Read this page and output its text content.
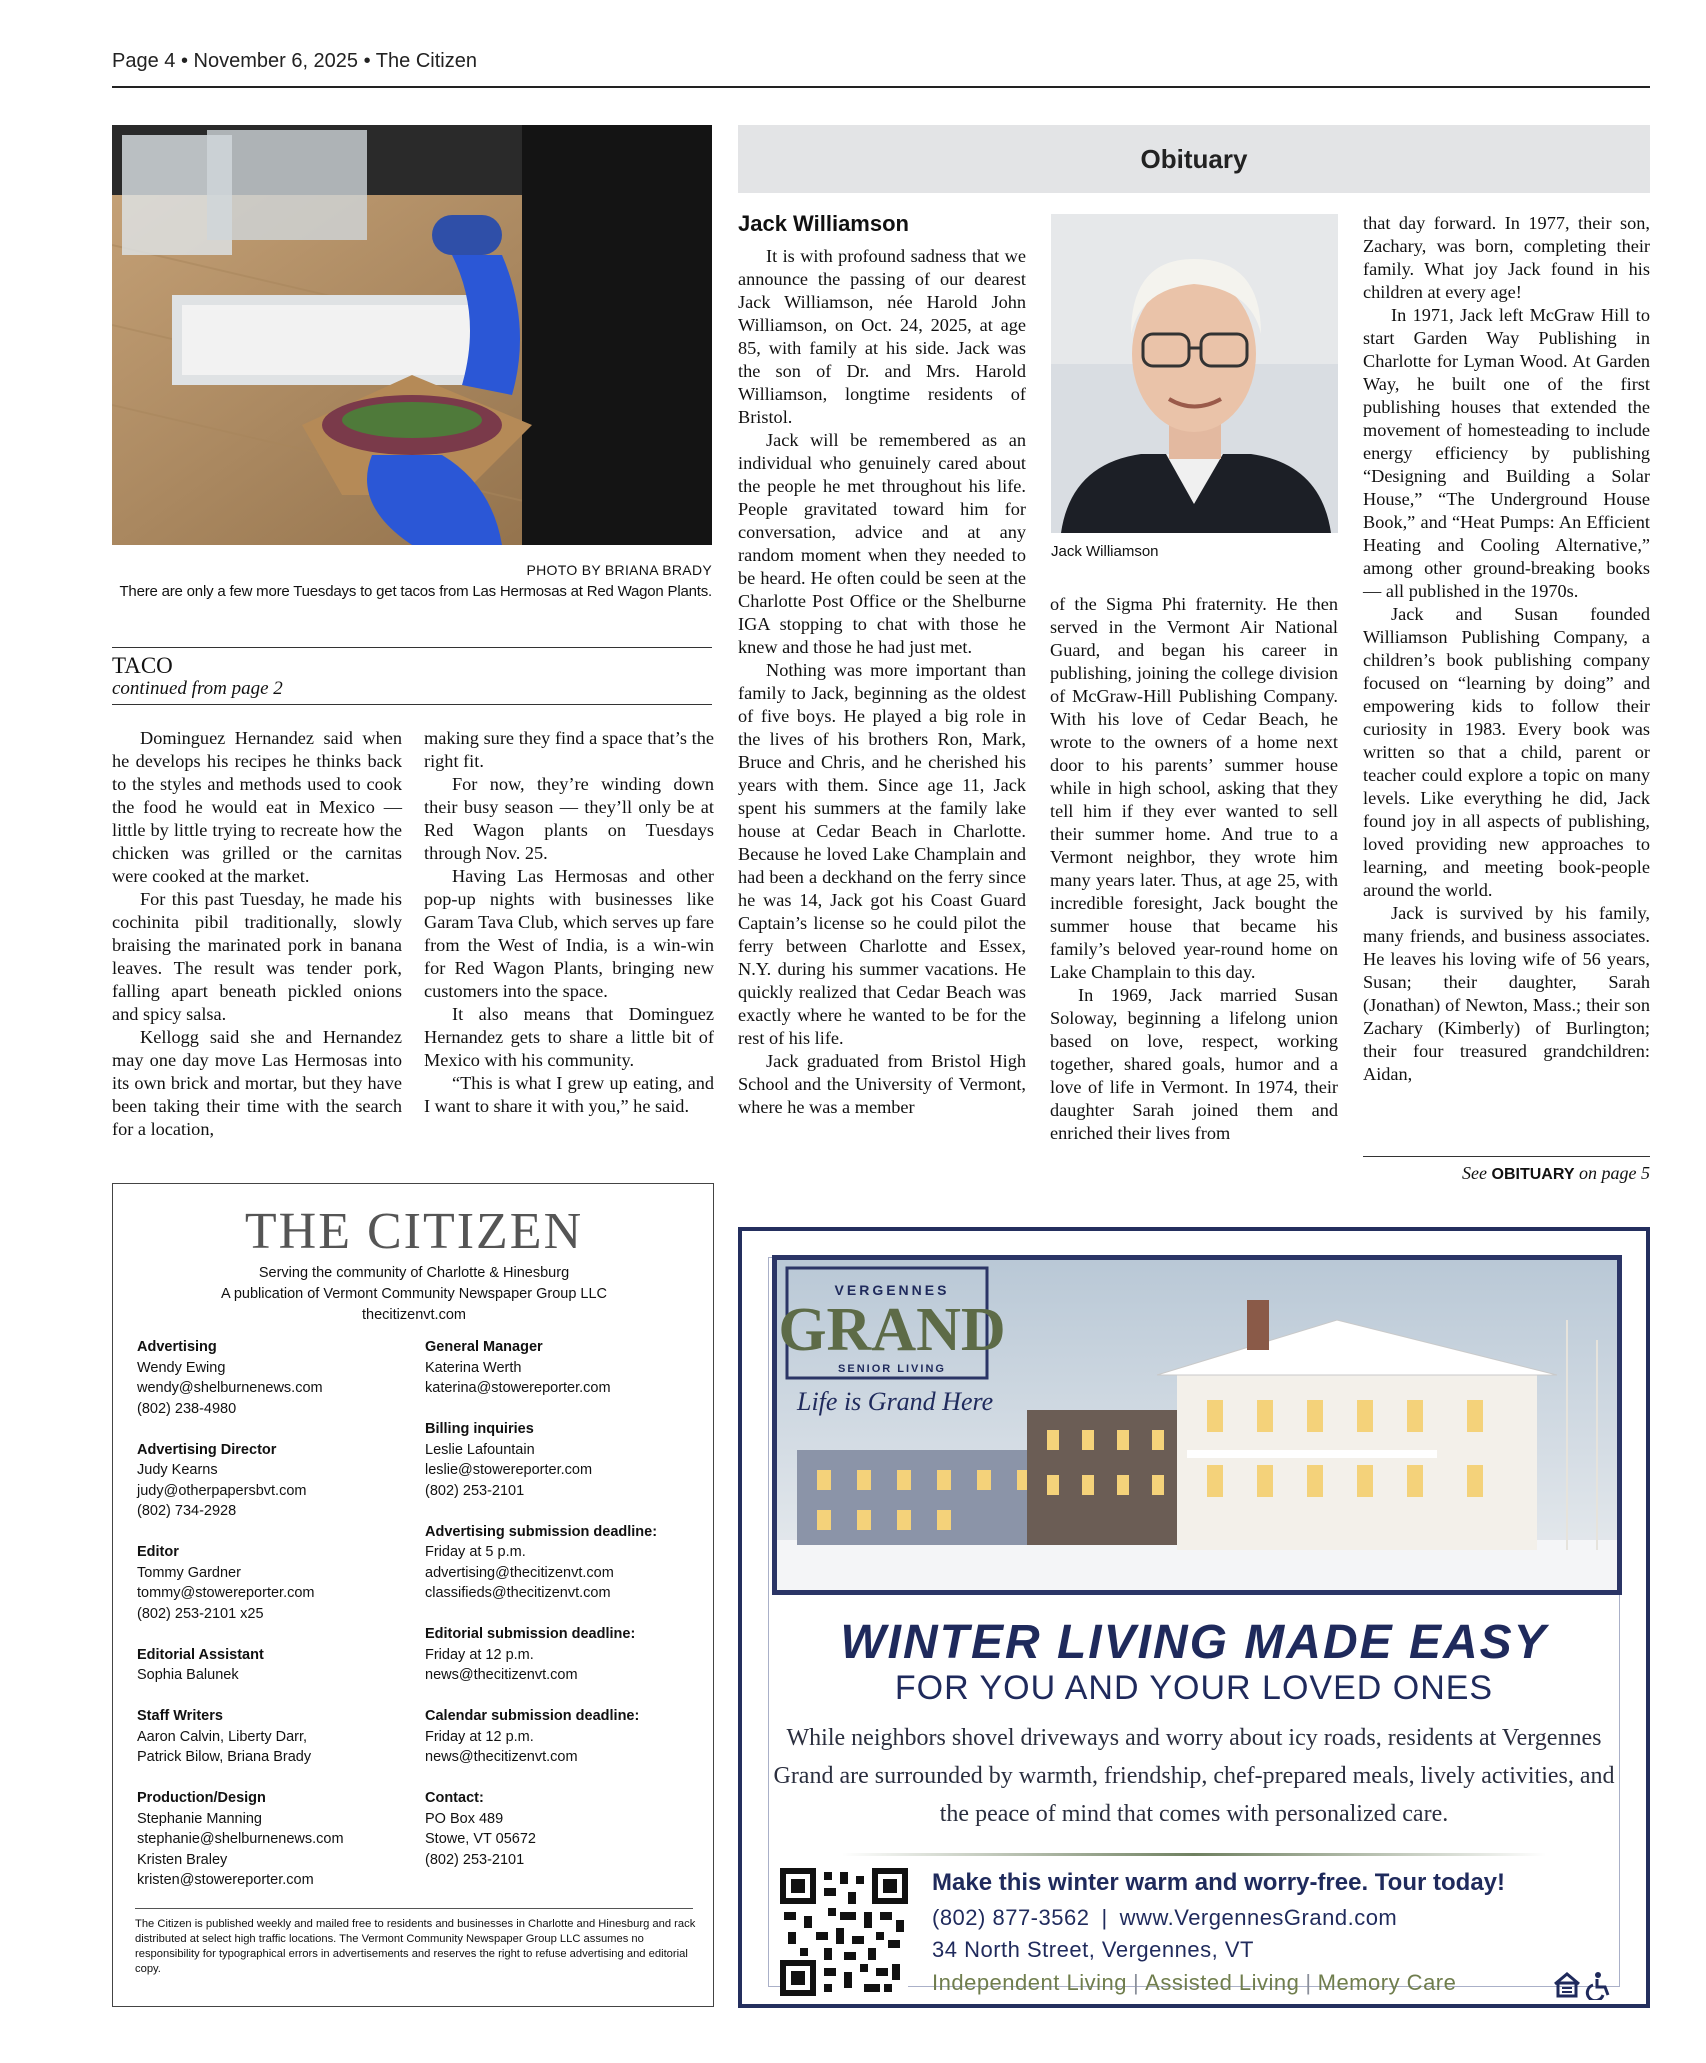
Page 4 • November 6, 2025 • The Citizen
PHOTO BY BRIANA BRADY
There are only a few more Tuesdays to get tacos from Las Hermosas at Red Wagon Plants.
TACO
continued from page 2

Dominguez Hernandez said when he develops his recipes he thinks back to the styles and methods used to cook the food he would eat in Mexico — little by little trying to recreate how the chicken was grilled or the carnitas were cooked at the market.

For this past Tuesday, he made his cochinita pibil traditionally, slowly braising the marinated pork in banana leaves. The result was tender pork, falling apart beneath pickled onions and spicy salsa.

Kellogg said she and Hernandez may one day move Las Hermosas into its own brick and mortar, but they have been taking their time with the search for a location,

making sure they find a space that’s the right fit.

For now, they’re winding down their busy season — they’ll only be at Red Wagon plants on Tuesdays through Nov. 25.

Having Las Hermosas and other pop-up nights with businesses like Garam Tava Club, which serves up fare from the West of India, is a win-win for Red Wagon Plants, bringing new customers into the space.

It also means that Dominguez Hernandez gets to share a little bit of Mexico with his community.

“This is what I grew up eating, and I want to share it with you,” he said.

THE CITIZEN
Serving the community of Charlotte & Hinesburg
A publication of Vermont Community Newspaper Group LLC
thecitizenvt.com
Advertising
Wendy Ewing
wendy@shelburnenews.com
(802) 238-4980
Advertising Director
Judy Kearns
judy@otherpapersbvt.com
(802) 734-2928
Editor
Tommy Gardner
tommy@stowereporter.com
(802) 253-2101 x25
Editorial Assistant
Sophia Balunek
Staff Writers
Aaron Calvin, Liberty Darr,
Patrick Bilow, Briana Brady
Production/Design
Stephanie Manning
stephanie@shelburnenews.com
Kristen Braley
kristen@stowereporter.com
General Manager
Katerina Werth
katerina@stowereporter.com
Billing inquiries
Leslie Lafountain
leslie@stowereporter.com
(802) 253-2101
Advertising submission deadline:
Friday at 5 p.m.
advertising@thecitizenvt.com
classifieds@thecitizenvt.com
Editorial submission deadline:
Friday at 12 p.m.
news@thecitizenvt.com
Calendar submission deadline:
Friday at 12 p.m.
news@thecitizenvt.com
Contact:
PO Box 489
Stowe, VT 05672
(802) 253-2101
The Citizen is published weekly and mailed free to residents and businesses in Charlotte and Hinesburg and rack distributed at select high traffic locations. The Vermont Community Newspaper Group LLC assumes no responsibility for typographical errors in advertisements and reserves the right to refuse advertising and editorial copy.
Obituary
Jack Williamson

It is with profound sadness that we announce the passing of our dearest Jack Williamson, née Harold John Williamson, on Oct. 24, 2025, at age 85, with family at his side. Jack was the son of Dr. and Mrs. Harold Williamson, longtime residents of Bristol.

Jack will be remembered as an individual who genuinely cared about the people he met throughout his life. People gravitated toward him for conversation, advice and at any random moment when they needed to be heard. He often could be seen at the Charlotte Post Office or the Shelburne IGA stopping to chat with those he knew and those he had just met.

Nothing was more important than family to Jack, beginning as the oldest of five boys. He played a big role in the lives of his brothers Ron, Mark, Bruce and Chris, and he cherished his years with them. Since age 11, Jack spent his summers at the family lake house at Cedar Beach in Charlotte. Because he loved Lake Champlain and had been a deckhand on the ferry since he was 14, Jack got his Coast Guard Captain’s license so he could pilot the ferry between Charlotte and Essex, N.Y. during his summer vacations. He quickly realized that Cedar Beach was exactly where he wanted to be for the rest of his life.

Jack graduated from Bristol High School and the University of Vermont, where he was a member

Jack Williamson

of the Sigma Phi fraternity. He then served in the Vermont Air National Guard, and began his career in publishing, joining the college division of McGraw-Hill Publishing Company. With his love of Cedar Beach, he wrote to the owners of a home next door to his parents’ summer house while in high school, asking that they tell him if they ever wanted to sell their summer home. And true to a Vermont neighbor, they wrote him many years later. Thus, at age 25, with incredible foresight, Jack bought the summer house that became his family’s beloved year-round home on Lake Champlain to this day.

In 1969, Jack married Susan Soloway, beginning a lifelong union based on love, respect, working together, shared goals, humor and a love of life in Vermont. In 1974, their daughter Sarah joined them and enriched their lives from

that day forward. In 1977, their son, Zachary, was born, completing their family. What joy Jack found in his children at every age!

In 1971, Jack left McGraw Hill to start Garden Way Publishing in Charlotte for Lyman Wood. At Garden Way, he built one of the first publishing houses that extended the movement of homesteading to include energy efficiency by publishing “Designing and Building a Solar House,” “The Underground House Book,” and “Heat Pumps: An Efficient Heating and Cooling Alternative,” among other ground-breaking books — all published in the 1970s.

Jack and Susan founded Williamson Publishing Company, a children’s book publishing company focused on “learning by doing” and empowering kids to follow their curiosity in 1983. Every book was written so that a child, parent or teacher could explore a topic on many levels. Like everything he did, Jack found joy in all aspects of publishing, loved providing new approaches to learning, and meeting book-people around the world.

Jack is survived by his family, many friends, and business associates. He leaves his loving wife of 56 years, Susan; their daughter, Sarah (Jonathan) of Newton, Mass.; their son Zachary (Kimberly) of Burlington; their four treasured grandchildren: Aidan,

See OBITUARY on page 5
VERGENNES
GRAND
SENIOR LIVING
Life is Grand Here
WINTER LIVING MADE EASY
FOR YOU AND YOUR LOVED ONES
While neighbors shovel driveways and worry about icy roads, residents at Vergennes Grand are surrounded by warmth, friendship, chef-prepared meals, lively activities, and the peace of mind that comes with personalized care.
Make this winter warm and worry-free. Tour today!
(802) 877-3562 | www.VergennesGrand.com
34 North Street, Vergennes, VT
Independent Living | Assisted Living | Memory Care
